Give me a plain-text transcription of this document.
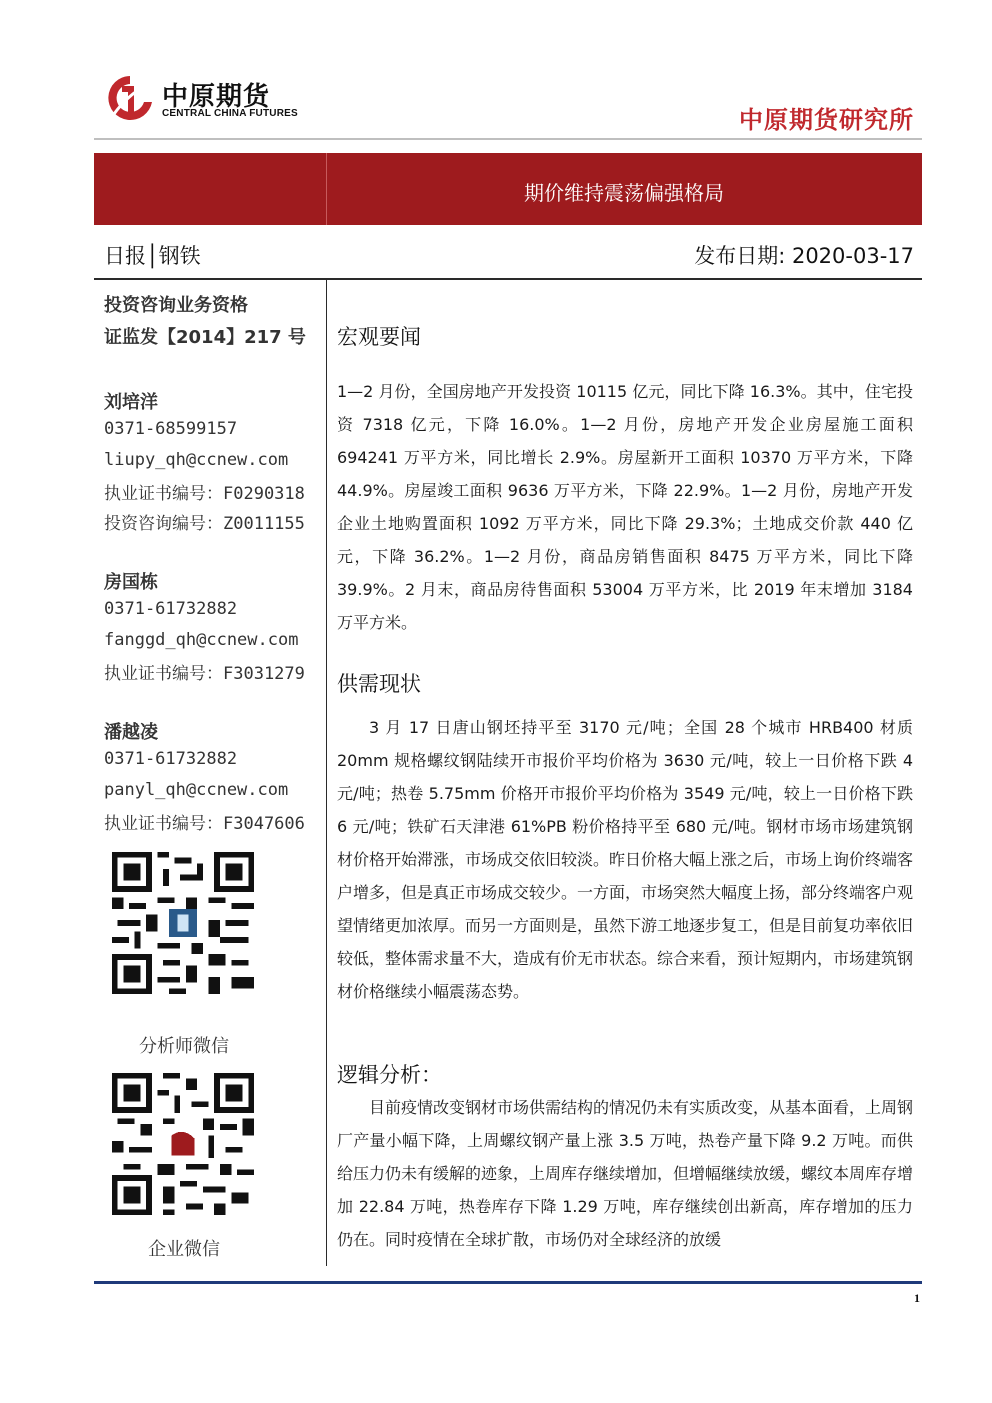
中原期货
CENTRAL CHINA FUTURES	中原期货研究所
期价维持震荡偏强格局
日报│钢铁	发布日期: 2020-03-17
投资咨询业务资格
证监发【2014】217 号
刘培洋
0371-68599157
liupy_qh@ccnew.com
执业证书编号：F0290318
投资咨询编号：Z0011155
房国栋
0371-61732882
fanggd_qh@ccnew.com
执业证书编号：F3031279
潘越凌
0371-61732882
panyl_qh@ccnew.com
执业证书编号：F3047606
分析师微信
企业微信
宏观要闻
1—2 月份，全国房地产开发投资 10115 亿元，同比下降 16.3%。其中，住宅投资 7318 亿元，下降 16.0%。1—2 月份，房地产开发企业房屋施工面积 694241 万平方米，同比增长 2.9%。房屋新开工面积 10370 万平方米，下降 44.9%。房屋竣工面积 9636 万平方米，下降 22.9%。1—2 月份，房地产开发企业土地购置面积 1092 万平方米，同比下降 29.3%；土地成交价款 440 亿元，下降 36.2%。1—2 月份，商品房销售面积 8475 万平方米，同比下降 39.9%。2 月末，商品房待售面积 53004 万平方米，比 2019 年末增加 3184 万平方米。
供需现状
3 月 17 日唐山钢坯持平至 3170 元/吨；全国 28 个城市 HRB400 材质 20mm 规格螺纹钢陆续开市报价平均价格为 3630 元/吨，较上一日价格下跌 4 元/吨；热卷 5.75mm 价格开市报价平均价格为 3549 元/吨，较上一日价格下跌 6 元/吨；铁矿石天津港 61%PB 粉价格持平至 680 元/吨。钢材市场市场建筑钢材价格开始滞涨，市场成交依旧较淡。昨日价格大幅上涨之后，市场上询价终端客户增多，但是真正市场成交较少。一方面，市场突然大幅度上扬，部分终端客户观望情绪更加浓厚。而另一方面则是，虽然下游工地逐步复工，但是目前复功率依旧较低，整体需求量不大，造成有价无市状态。综合来看，预计短期内，市场建筑钢材价格继续小幅震荡态势。
逻辑分析：
目前疫情改变钢材市场供需结构的情况仍未有实质改变，从基本面看，上周钢厂产量小幅下降，上周螺纹钢产量上涨 3.5 万吨，热卷产量下降 9.2 万吨。而供给压力仍未有缓解的迹象，上周库存继续增加，但增幅继续放缓，螺纹本周库存增加 22.84 万吨，热卷库存下降 1.29 万吨，库存继续创出新高，库存增加的压力仍在。同时疫情在全球扩散，市场仍对全球经济的放缓
1
